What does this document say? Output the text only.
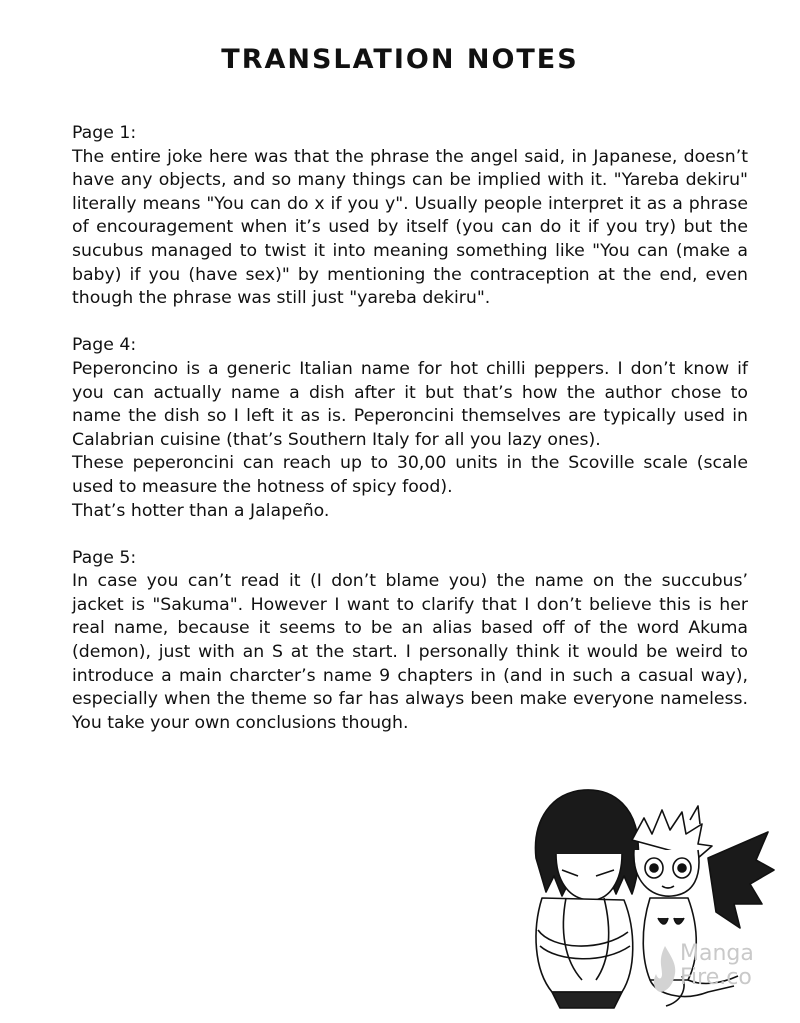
TRANSLATION NOTES
Page 1:
The entire joke here was that the phrase the angel said, in Japanese, doesn’t have any objects, and so many things can be implied with it. "Yareba dekiru" literally means "You can do x if you y". Usually people interpret it as a phrase of encouragement when it’s used by itself (you can do it if you try) but the sucubus managed to twist it into meaning something like "You can (make a baby) if you (have sex)" by mentioning the contraception at the end, even though the phrase was still just "yareba dekiru".
Page 4:
Peperoncino is a generic Italian name for hot chilli peppers. I don’t know if you can actually name a dish after it but that’s how the author chose to name the dish so I left it as is. Peperoncini themselves are typically used in Calabrian cuisine (that’s Southern Italy for all you lazy ones).
These peperoncini can reach up to 30,00 units in the Scoville scale (scale used to measure the hotness of spicy food).
That’s hotter than a Jalapeño.
Page 5:
In case you can’t read it (I don’t blame you) the name on the succubus’ jacket is "Sakuma". However I want to clarify that I don’t believe this is her real name, because it seems to be an alias based off of the word Akuma (demon), just with an S at the start. I personally think it would be weird to introduce a main charcter’s name 9 chapters in (and in such a casual way), especially when the theme so far has always been make everyone nameless. You take your own conclusions though.
Manga
Fire.co
